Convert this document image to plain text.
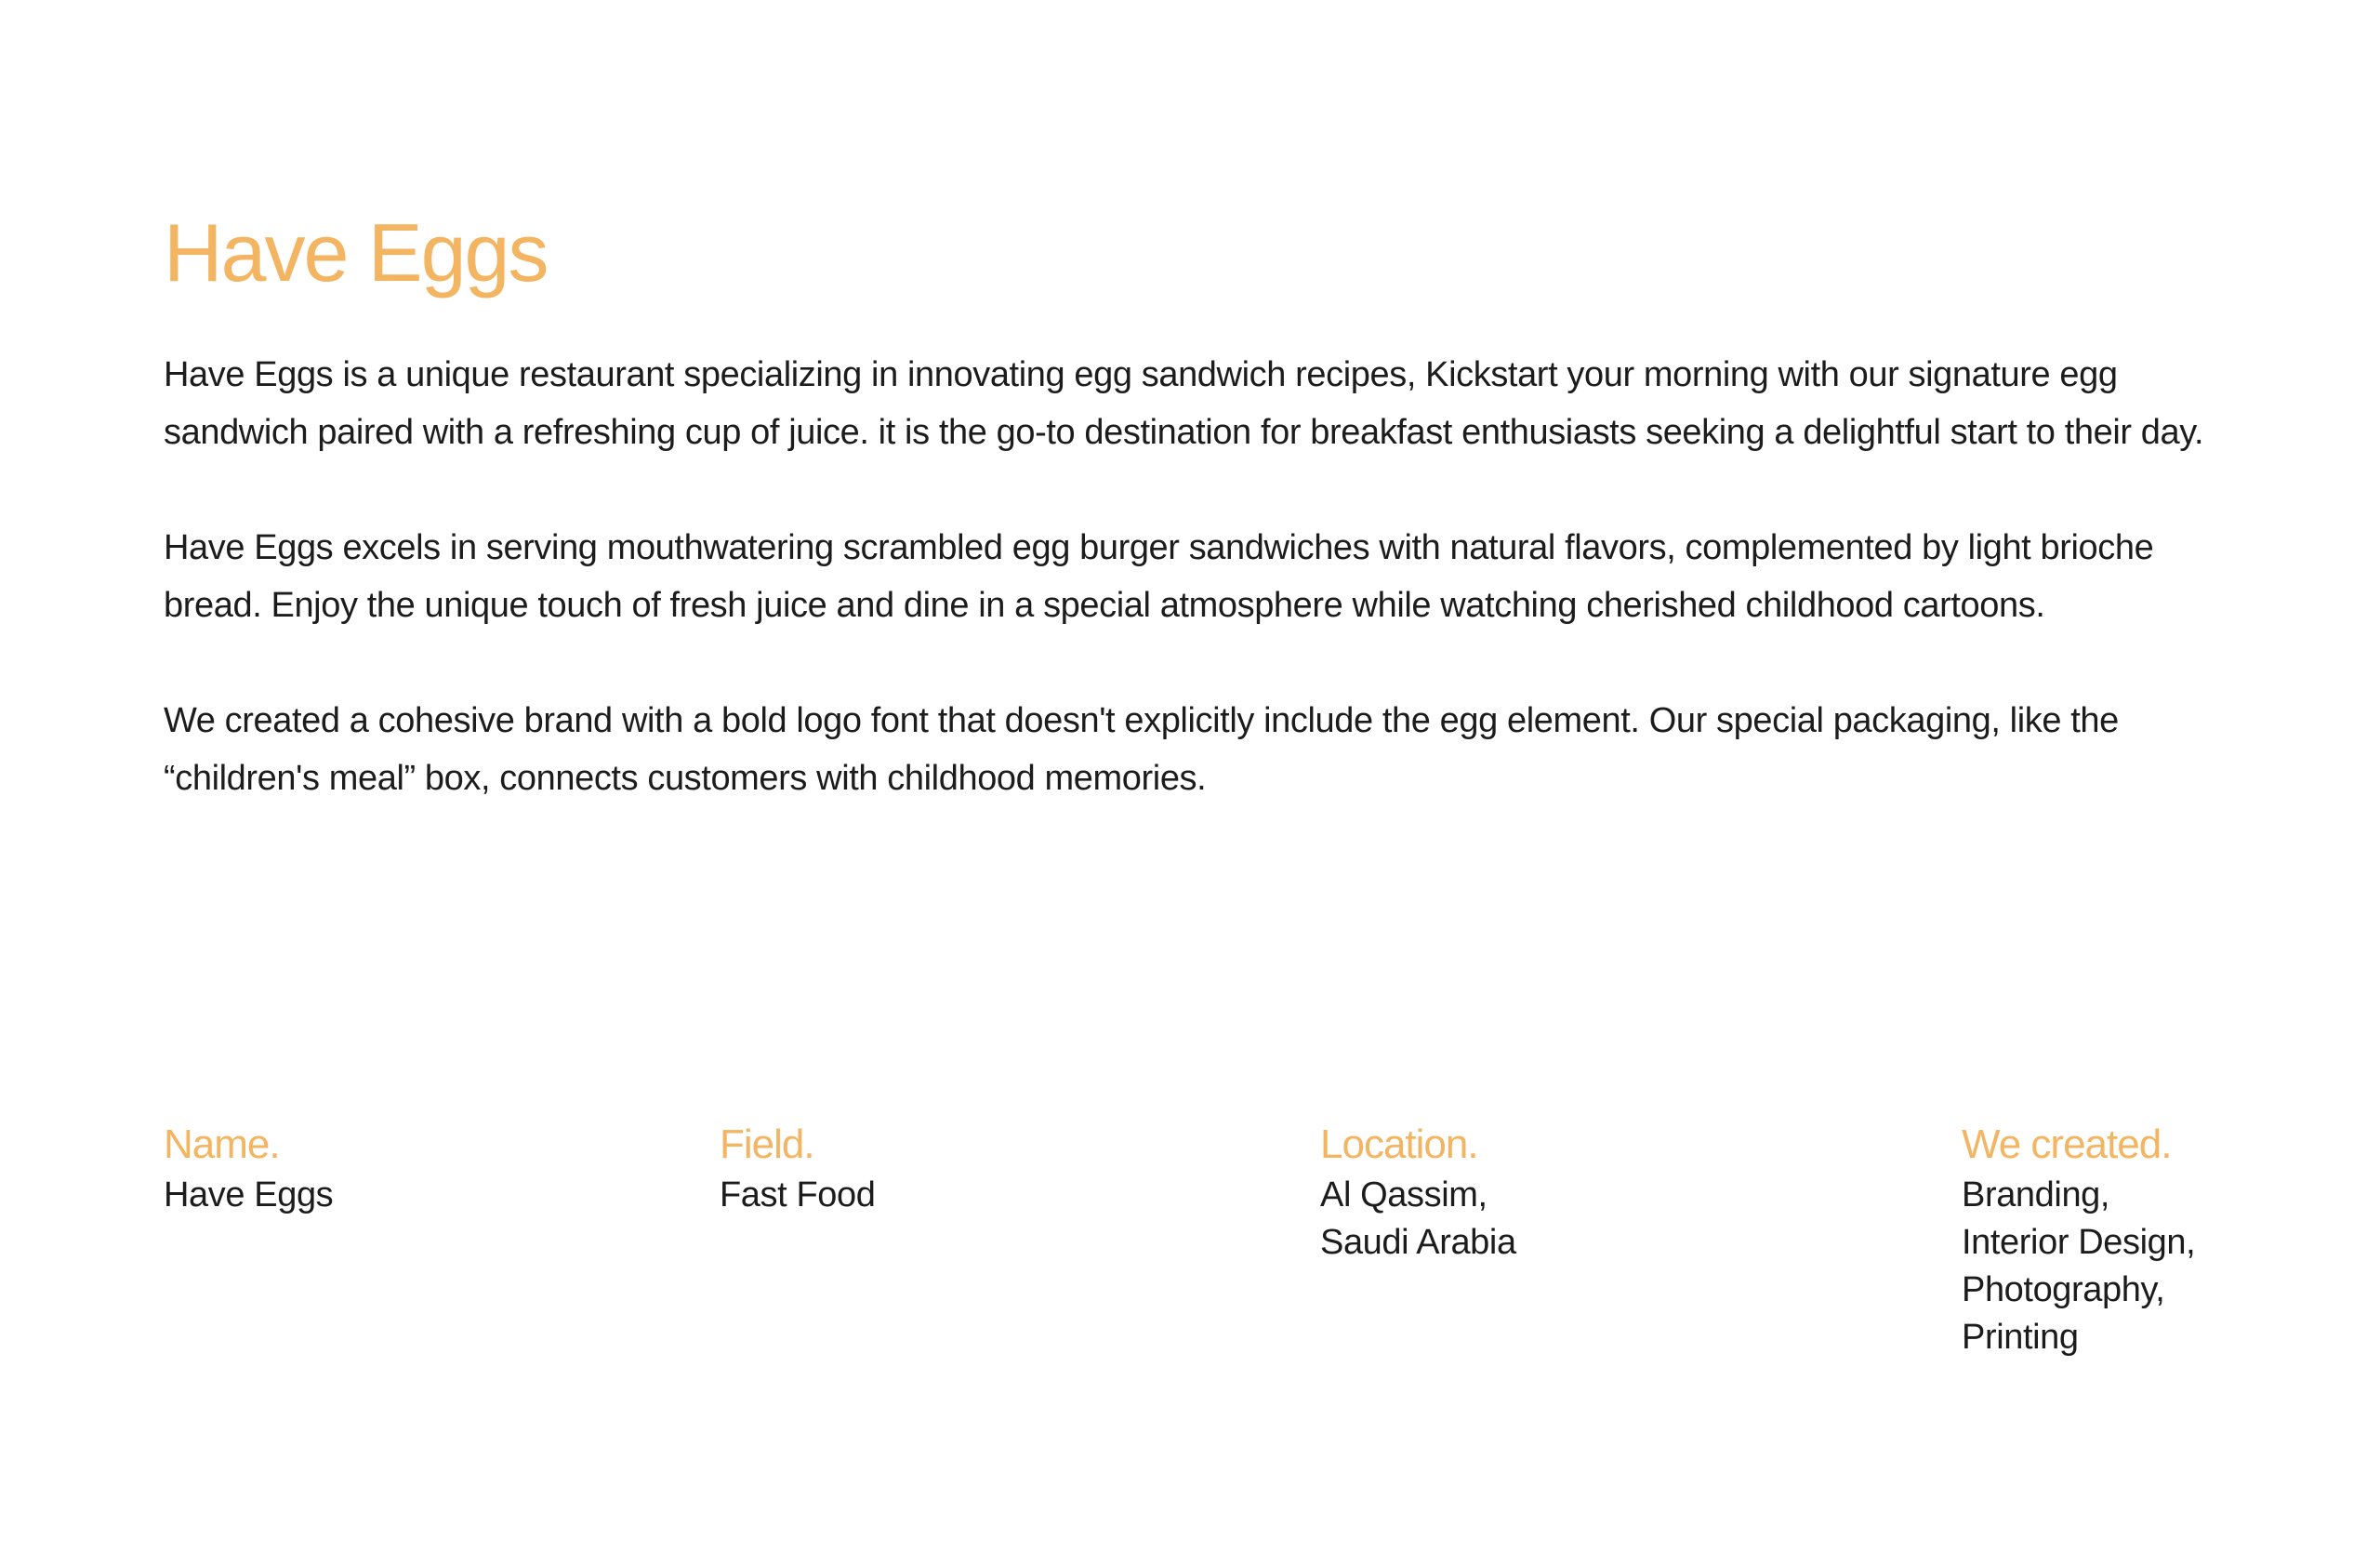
Have Eggs

Have Eggs is a unique restaurant specializing in innovating egg sandwich recipes, Kickstart your morning with our signature egg sandwich paired with a refreshing cup of juice. it is the go-to destination for breakfast enthusiasts seeking a delightful start to their day.

Have Eggs excels in serving mouthwatering scrambled egg burger sandwiches with natural flavors, complemented by light brioche bread. Enjoy the unique touch of fresh juice and dine in a special atmosphere while watching cherished childhood cartoons.

We created a cohesive brand with a bold logo font that doesn't explicitly include the egg element. Our special packaging, like the “children's meal” box, connects customers with childhood memories.

Name.
Have Eggs
Field.
Fast Food
Location.
Al Qassim,
Saudi Arabia
We created.
Branding,
Interior Design,
Photography,
Printing
